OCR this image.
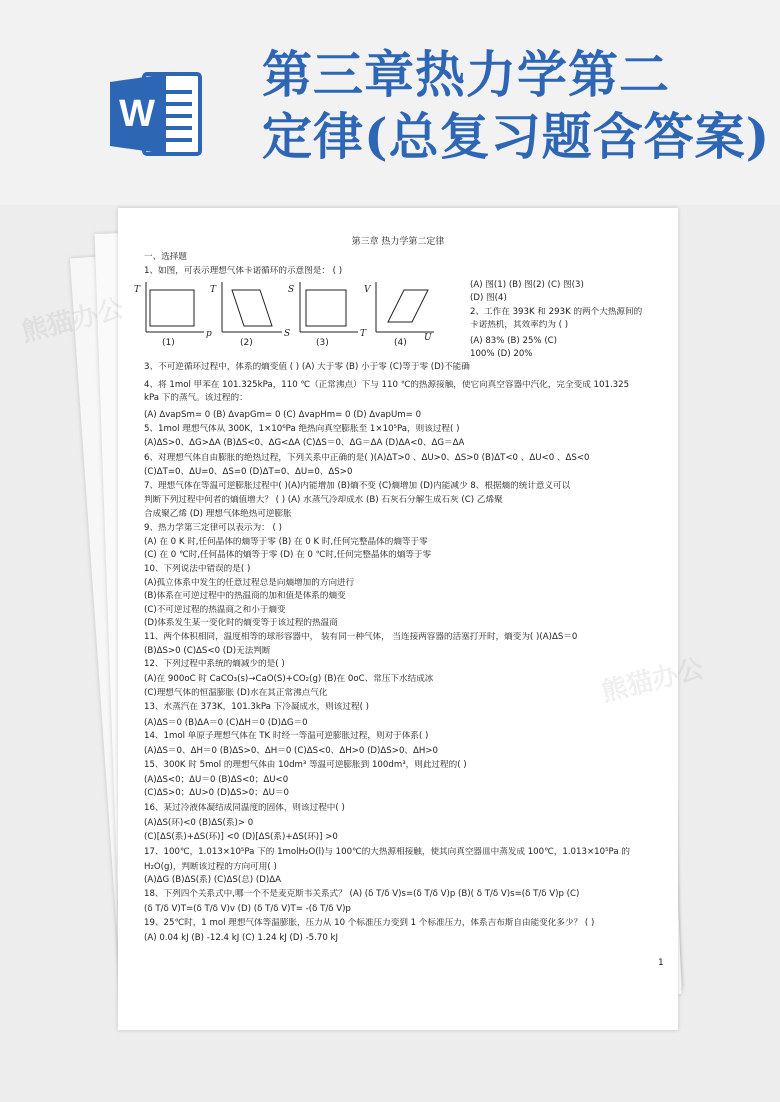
W
第三章热力学第二
定律(总复习题含答案)
第三章 热力学第二定律
T
p
T
S
S
T
V
U
(1)	(2)	(3)	(4)
1
一、选择题
1、如图，可表示理想气体卡诺循环的示意图是： ( )
(A) 图(1) (B) 图(2) (C) 图(3)
(D) 图(4)
2、工作在 393K 和 293K 的两个大热源间的
卡诺热机，其效率约为 ( )
(A) 83% (B) 25% (C)
100% (D) 20%
3、不可逆循环过程中，体系的熵变值 ( ) (A) 大于零 (B) 小于零 (C)等于零 (D)不能确
4、将 1mol 甲苯在 101.325kPa，110 ℃（正常沸点）下与 110 ℃的热源接触，使它向真空容器中汽化，完全变成 101.325
kPa 下的蒸气。该过程的：
(A) ΔvapSm= 0 (B) ΔvapGm= 0 (C) ΔvapHm= 0 (D) ΔvapUm= 0
5、1mol 理想气体从 300K，1×10⁶Pa 绝热向真空膨胀至 1×10⁵Pa，则该过程( )
(A)ΔS>0、ΔG>ΔA (B)ΔS<0、ΔG<ΔA (C)ΔS＝0、ΔG＝ΔA (D)ΔA<0、ΔG＝ΔA
6、对理想气体自由膨胀的绝热过程，下列关系中正确的是( )(A)ΔT>0 、ΔU>0、ΔS>0 (B)ΔT<0 、ΔU<0 、ΔS<0
(C)ΔT=0、ΔU=0、ΔS=0 (D)ΔT=0、ΔU=0、ΔS>0
7、理想气体在等温可逆膨胀过程中( )(A)内能增加 (B)熵不变 (C)熵增加 (D)内能减少 8、根据熵的统计意义可以
判断下列过程中何者的熵值增大？ ( ) (A) 水蒸气冷却成水 (B) 石灰石分解生成石灰 (C) 乙烯聚
合成聚乙烯 (D) 理想气体绝热可逆膨胀
9、热力学第三定律可以表示为： ( )
(A) 在 0 K 时,任何晶体的熵等于零 (B) 在 0 K 时,任何完整晶体的熵等于零
(C) 在 0 ℃时,任何晶体的熵等于零 (D) 在 0 ℃时,任何完整晶体的熵等于零
10、下列说法中错误的是( )
(A)孤立体系中发生的任意过程总是向熵增加的方向进行
(B)体系在可逆过程中的热温商的加和值是体系的熵变
(C)不可逆过程的热温商之和小于熵变
(D)体系发生某一变化时的熵变等于该过程的热温商
11、两个体积相同，温度相等的球形容器中， 装有同一种气体， 当连接两容器的活塞打开时，熵变为( )(A)ΔS＝0
(B)ΔS>0 (C)ΔS<0 (D)无法判断
12、下列过程中系统的熵减少的是( )
(A)在 900oC 时 CaCO₃(s)→CaO(S)+CO₂(g) (B)在 0oC、常压下水结成冰
(C)理想气体的恒温膨胀 (D)水在其正常沸点气化
13、水蒸汽在 373K，101.3kPa 下冷凝成水，则该过程( )
(A)ΔS＝0 (B)ΔA＝0 (C)ΔH＝0 (D)ΔG＝0
14、1mol 单原子理想气体在 TK 时经一等温可逆膨胀过程，则对于体系( )
(A)ΔS＝0、ΔH＝0 (B)ΔS>0、ΔH＝0 (C)ΔS<0、ΔH>0 (D)ΔS>0、ΔH>0
15、300K 时 5mol 的理想气体由 10dm³ 等温可逆膨胀到 100dm³，则此过程的( )
(A)ΔS<0；ΔU＝0 (B)ΔS<0；ΔU<0
(C)ΔS>0；ΔU>0 (D)ΔS>0；ΔU＝0
16、某过冷液体凝结成同温度的固体，则该过程中( )
(A)ΔS(环)<0 (B)ΔS(系)> 0
(C)[ΔS(系)+ΔS(环)] <0 (D)[ΔS(系)+ΔS(环)] >0
17、100℃，1.013×10⁵Pa 下的 1molH₂O(l)与 100℃的大热源相接触，使其向真空器皿中蒸发成 100℃，1.013×10⁵Pa 的
H₂O(g)，判断该过程的方向可用( )
(A)ΔG (B)ΔS(系) (C)ΔS(总) (D)ΔA
18、下列四个关系式中,哪一个不是麦克斯韦关系式？ (A) (δ T/δ V)s=(δ T/δ V)p (B)( δ T/δ V)s=(δ T/δ V)p (C)
(δ T/δ V)T=(δ T/δ V)v (D) (δ T/δ V)T= -(δ T/δ V)p
19、25℃时，1 mol 理想气体等温膨胀，压力从 10 个标准压力变到 1 个标准压力，体系吉布斯自由能变化多少？ ( )
(A) 0.04 kJ (B) -12.4 kJ (C) 1.24 kJ (D) -5.70 kJ
熊猫办公
